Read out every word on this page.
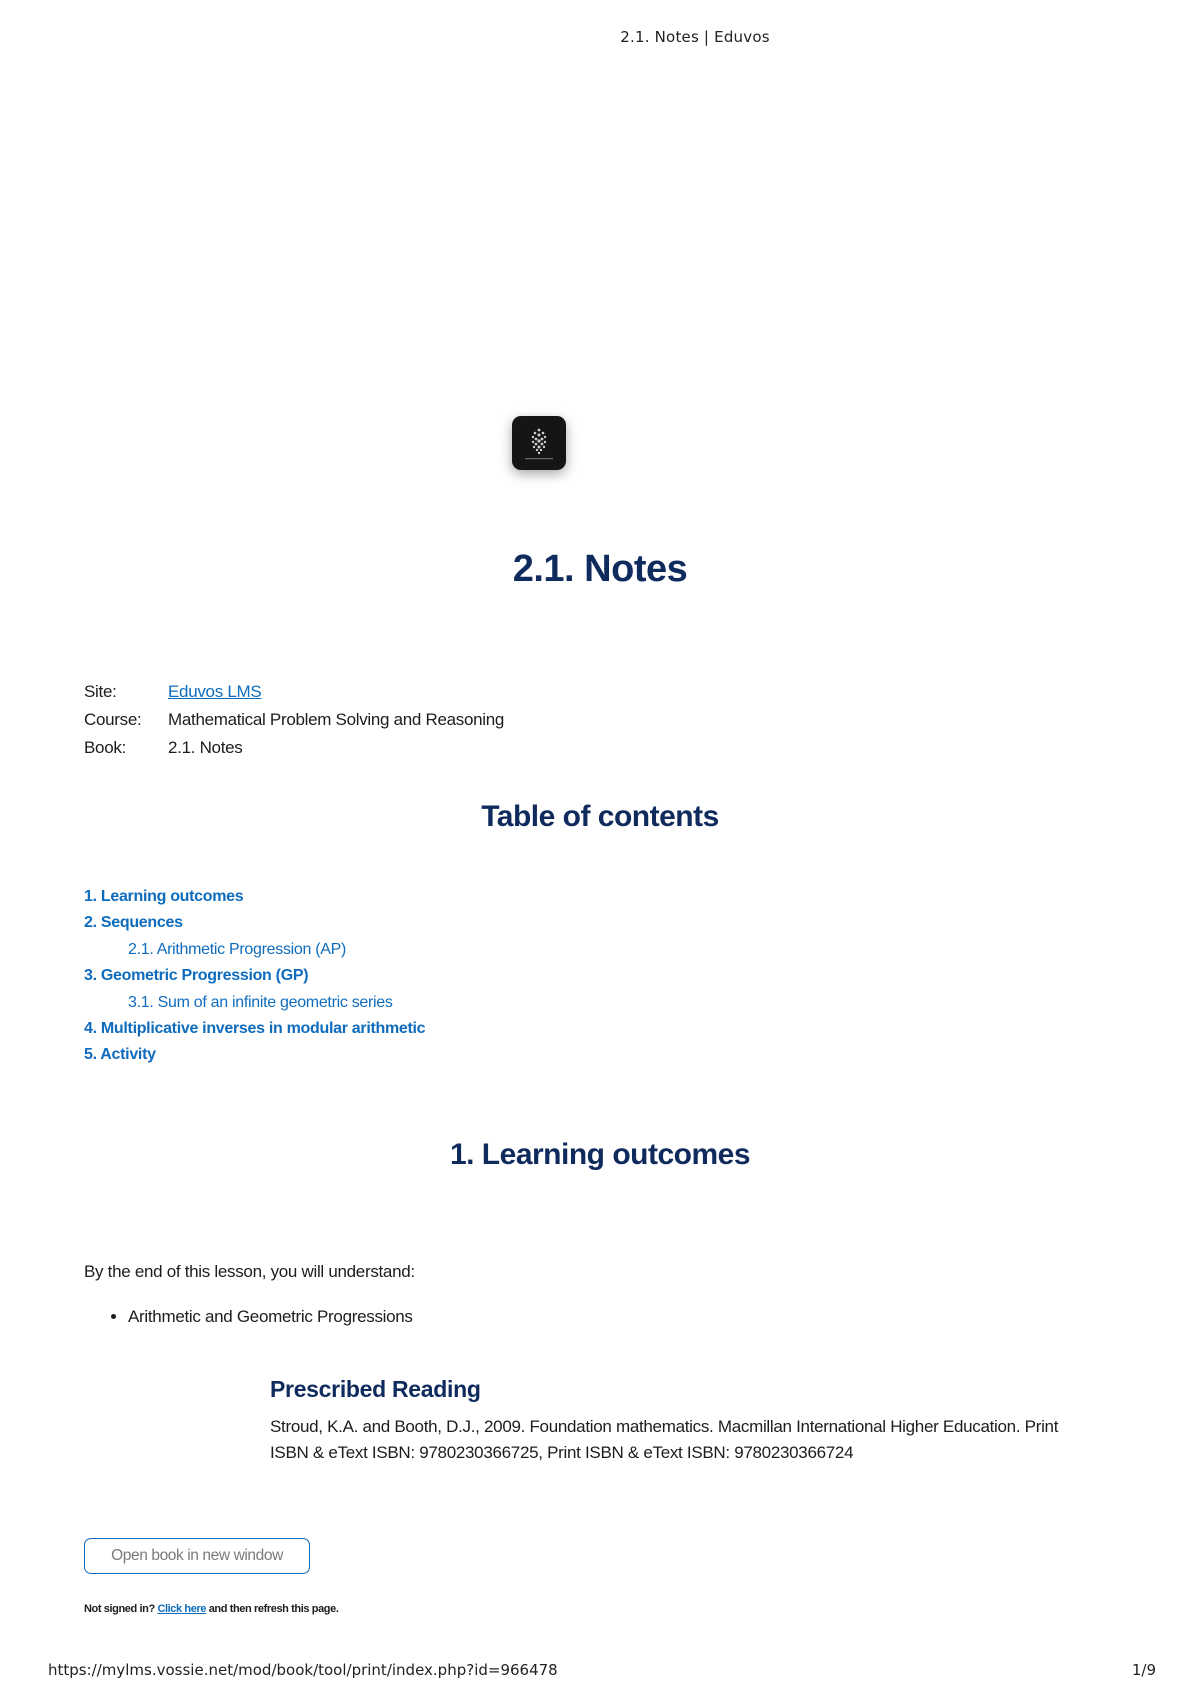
2.1. Notes | Eduvos
2.1. Notes
Site:	Eduvos LMS
Course:	Mathematical Problem Solving and Reasoning
Book:	2.1. Notes
Table of contents
1. Learning outcomes
2. Sequences
2.1. Arithmetic Progression (AP)
3. Geometric Progression (GP)
3.1. Sum of an infinite geometric series
4. Multiplicative inverses in modular arithmetic
5. Activity
1. Learning outcomes
By the end of this lesson, you will understand:
• Arithmetic and Geometric Progressions
Prescribed Reading
Stroud, K.A. and Booth, D.J., 2009. Foundation mathematics. Macmillan International Higher Education. Print ISBN & eText ISBN: 9780230366725, Print ISBN & eText ISBN: 9780230366724
Open book in new window
Not signed in? Click here and then refresh this page.
https://mylms.vossie.net/mod/book/tool/print/index.php?id=966478	1/9
